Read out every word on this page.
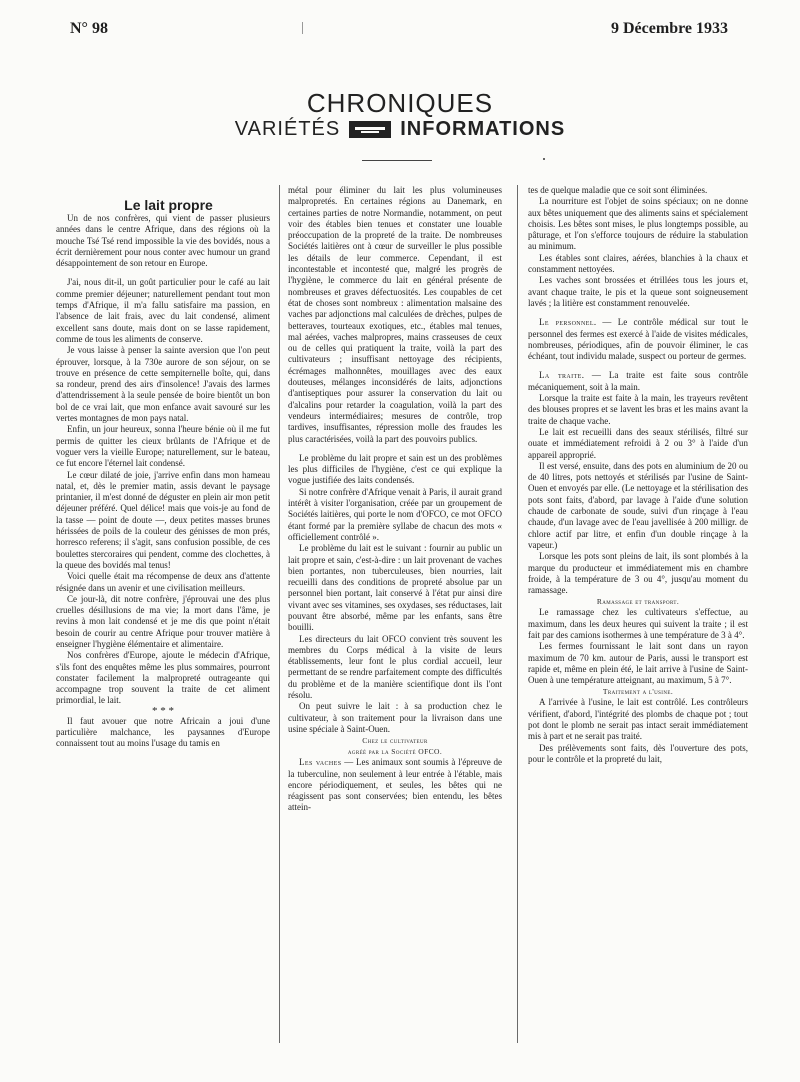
N° 98	9 Décembre 1933
CHRONIQUES
VARIÉTÉS	INFORMATIONS

Le lait propre

Un de nos confrères, qui vient de passer plusieurs années dans le centre Afrique, dans des régions où la mouche Tsé Tsé rend impossible la vie des bovidés, nous a écrit dernièrement pour nous conter avec humour un grand désappointement de son retour en Europe.

J'ai, nous dit-il, un goût particulier pour le café au lait comme premier déjeuner; naturellement pendant tout mon temps d'Afrique, il m'a fallu satisfaire ma passion, en l'absence de lait frais, avec du lait condensé, aliment excellent sans doute, mais dont on se lasse rapidement, comme de tous les aliments de conserve.

Je vous laisse à penser la sainte aversion que l'on peut éprouver, lorsque, à la 730e aurore de son séjour, on se trouve en présence de cette sempiternelle boîte, qui, dans sa rondeur, prend des airs d'insolence! J'avais des larmes d'attendrissement à la seule pensée de boire bientôt un bon bol de ce vrai lait, que mon enfance avait savouré sur les vertes montagnes de mon pays natal.

Enfin, un jour heureux, sonna l'heure bénie où il me fut permis de quitter les cieux brûlants de l'Afrique et de voguer vers la vieille Europe; naturellement, sur le bateau, ce fut encore l'éternel lait condensé.

Le cœur dilaté de joie, j'arrive enfin dans mon hameau natal, et, dès le premier matin, assis devant le paysage printanier, il m'est donné de déguster en plein air mon petit déjeuner préféré. Quel délice! mais que vois-je au fond de la tasse — point de doute —, deux petites masses brunes hérissées de poils de la couleur des génisses de mon prés, horresco referens; il s'agit, sans confusion possible, de ces boulettes stercoraires qui pendent, comme des clochettes, à la queue des bovidés mal tenus!

Voici quelle était ma récompense de deux ans d'attente résignée dans un avenir et une civilisation meilleurs.

Ce jour-là, dit notre confrère, j'éprouvai une des plus cruelles désillusions de ma vie; la mort dans l'âme, je revins à mon lait condensé et je me dis que point n'était besoin de courir au centre Afrique pour trouver matière à enseigner l'hygiène élémentaire et alimentaire.

Nos confrères d'Europe, ajoute le médecin d'Afrique, s'ils font des enquêtes même les plus sommaires, pourront constater facilement la malpropreté outrageante qui accompagne trop souvent la traite de cet aliment primordial, le lait.

* * *

Il faut avouer que notre Africain a joui d'une particulière malchance, les paysannes d'Europe connaissent tout au moins l'usage du tamis en

métal pour éliminer du lait les plus volumineuses malpropretés. En certaines régions au Danemark, en certaines parties de notre Normandie, notamment, on peut voir des étables bien tenues et constater une louable préoccupation de la propreté de la traite. De nombreuses Sociétés laitières ont à cœur de surveiller le plus possible les détails de leur commerce. Cependant, il est incontestable et incontesté que, malgré les progrès de l'hygiène, le commerce du lait en général présente de nombreuses et graves défectuosités. Les coupables de cet état de choses sont nombreux : alimentation malsaine des vaches par adjonctions mal calculées de drèches, pulpes de betteraves, tourteaux exotiques, etc., étables mal tenues, mal aérées, vaches malpropres, mains crasseuses de ceux ou de celles qui pratiquent la traite, voilà la part des cultivateurs ; insuffisant nettoyage des récipients, écrémages malhonnêtes, mouillages avec des eaux douteuses, mélanges inconsidérés de laits, adjonctions d'antiseptiques pour assurer la conservation du lait ou d'alcalins pour retarder la coagulation, voilà la part des vendeurs intermédiaires; mesures de contrôle, trop tardives, insuffisantes, répression molle des fraudes les plus caractérisées, voilà la part des pouvoirs publics.

Le problème du lait propre et sain est un des problèmes les plus difficiles de l'hygiène, c'est ce qui explique la vogue justifiée des laits condensés.

Si notre confrère d'Afrique venait à Paris, il aurait grand intérêt à visiter l'organisation, créée par un groupement de Sociétés laitières, qui porte le nom d'OFCO, ce mot OFCO étant formé par la première syllabe de chacun des mots « officiellement contrôlé ».

Le problème du lait est le suivant : fournir au public un lait propre et sain, c'est-à-dire : un lait provenant de vaches bien portantes, non tuberculeuses, bien nourries, lait recueilli dans des conditions de propreté absolue par un personnel bien portant, lait conservé à l'état pur ainsi dire vivant avec ses vitamines, ses oxydases, ses réductases, lait pouvant être absorbé, même par les enfants, sans être bouilli.

Les directeurs du lait OFCO convient très souvent les membres du Corps médical à la visite de leurs établissements, leur font le plus cordial accueil, leur permettant de se rendre parfaitement compte des difficultés du problème et de la manière scientifique dont ils l'ont résolu.

On peut suivre le lait : à sa production chez le cultivateur, à son traitement pour la livraison dans une usine spéciale à Saint-Ouen.

Chez le cultivateur
agréé par la Société OFCO.

Les vaches — Les animaux sont soumis à l'épreuve de la tuberculine, non seulement à leur entrée à l'étable, mais encore périodiquement, et seules, les bêtes qui ne réagissent pas sont conservées; bien entendu, les bêtes attein-

tes de quelque maladie que ce soit sont éliminées.

La nourriture est l'objet de soins spéciaux; on ne donne aux bêtes uniquement que des aliments sains et spécialement choisis. Les bêtes sont mises, le plus longtemps possible, au pâturage, et l'on s'efforce toujours de réduire la stabulation au minimum.

Les étables sont claires, aérées, blanchies à la chaux et constamment nettoyées.

Les vaches sont brossées et étrillées tous les jours et, avant chaque traite, le pis et la queue sont soigneusement lavés ; la litière est constamment renouvelée.

Le personnel. — Le contrôle médical sur tout le personnel des fermes est exercé à l'aide de visites médicales, nombreuses, périodiques, afin de pouvoir éliminer, le cas échéant, tout individu malade, suspect ou porteur de germes.

La traite. — La traite est faite sous contrôle mécaniquement, soit à la main.

Lorsque la traite est faite à la main, les trayeurs revêtent des blouses propres et se lavent les bras et les mains avant la traite de chaque vache.

Le lait est recueilli dans des seaux stérilisés, filtré sur ouate et immédiatement refroidi à 2 ou 3° à l'aide d'un appareil approprié.

Il est versé, ensuite, dans des pots en aluminium de 20 ou de 40 litres, pots nettoyés et stérilisés par l'usine de Saint-Ouen et envoyés par elle. (Le nettoyage et la stérilisation des pots sont faits, d'abord, par lavage à l'aide d'une solution chaude de carbonate de soude, suivi d'un rinçage à l'eau chaude, d'un lavage avec de l'eau javellisée à 200 milligr. de chlore actif par litre, et enfin d'un double rinçage à la vapeur.)

Lorsque les pots sont pleins de lait, ils sont plombés à la marque du producteur et immédiatement mis en chambre froide, à la température de 3 ou 4°, jusqu'au moment du ramassage.

Ramassage et transport.

Le ramassage chez les cultivateurs s'effectue, au maximum, dans les deux heures qui suivent la traite ; il est fait par des camions isothermes à une température de 3 à 4°.

Les fermes fournissant le lait sont dans un rayon maximum de 70 km. autour de Paris, aussi le transport est rapide et, même en plein été, le lait arrive à l'usine de Saint-Ouen à une température atteignant, au maximum, 5 à 7°.

Traitement a l'usine.

A l'arrivée à l'usine, le lait est contrôlé. Les contrôleurs vérifient, d'abord, l'intégrité des plombs de chaque pot ; tout pot dont le plomb ne serait pas intact serait immédiatement mis à part et ne serait pas traité.

Des prélèvements sont faits, dès l'ouverture des pots, pour le contrôle et la propreté du lait,
